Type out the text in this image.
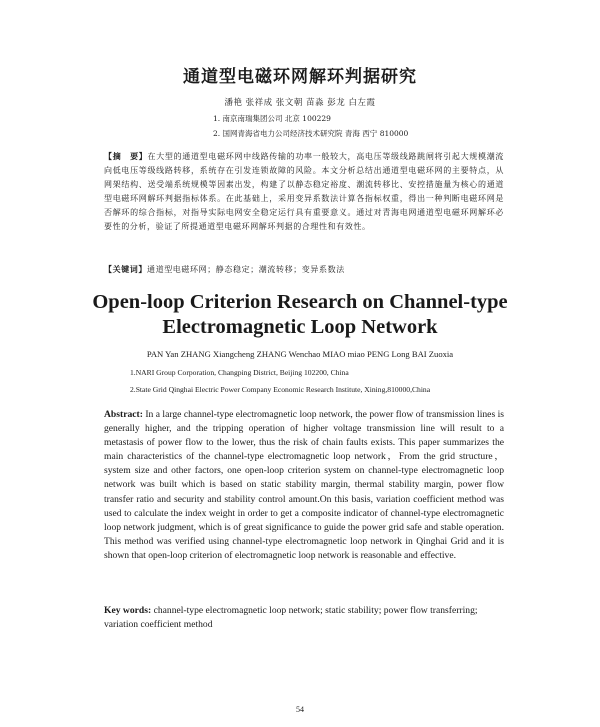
通道型电磁环网解环判据研究
潘艳 张祥成 张文朝 苗淼 彭龙 白左霞
1. 南京南瑞集团公司 北京 100229
2. 国网青海省电力公司经济技术研究院 青海 西宁 810000
【摘　要】在大型的通道型电磁环网中线路传输的功率一般较大，高电压等级线路跳闸将引起大规模潮流向低电压等级线路转移，系统存在引发连锁故障的风险。本文分析总结出通道型电磁环网的主要特点，从网架结构、送受端系统规模等因素出发，构建了以静态稳定裕度、潮流转移比、安控措施量为核心的通道型电磁环网解环判据指标体系。在此基础上，采用变异系数法计算各指标权重，得出一种判断电磁环网是否解环的综合指标，对指导实际电网安全稳定运行具有重要意义。通过对青海电网通道型电磁环网解环必要性的分析，验证了所提通道型电磁环网解环判据的合理性和有效性。
【关键词】通道型电磁环网；静态稳定；潮流转移；变异系数法
Open-loop Criterion Research on Channel-type
Electromagnetic Loop Network
PAN Yan ZHANG Xiangcheng ZHANG Wenchao MIAO miao PENG Long BAI Zuoxia
1.NARI Group Corporation, Changping District, Beijing 102200, China
2.State Grid Qinghai Electric Power Company Economic Research Institute, Xining,810000,China
Abstract: In a large channel-type electromagnetic loop network, the power flow of transmission lines is generally higher, and the tripping operation of higher voltage transmission line will result to a metastasis of power flow to the lower, thus the risk of chain faults exists. This paper summarizes the main characteristics of the channel-type electromagnetic loop network，From the grid structure，system size and other factors, one open-loop criterion system on channel-type electromagnetic loop network was built which is based on static stability margin, thermal stability margin, power flow transfer ratio and security and stability control amount.On this basis, variation coefficient method was used to calculate the index weight in order to get a composite indicator of channel-type electromagnetic loop network judgment, which is of great significance to guide the power grid safe and stable operation. This method was verified using channel-type electromagnetic loop network in Qinghai Grid and it is shown that open-loop criterion of electromagnetic loop network is reasonable and effective.
Key words: channel-type electromagnetic loop network; static stability; power flow transferring; variation coefficient method
54
